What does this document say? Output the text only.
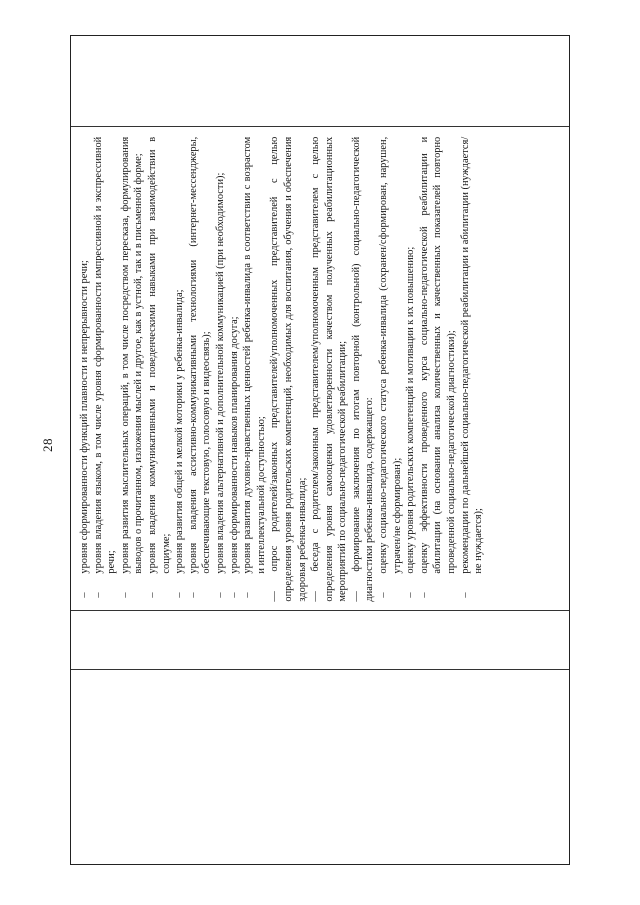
28
–
уровня сформированности функций плавности и непрерывности речи;
–
уровня владения языком, в том числе уровня сформированности импрессивной и экспрессивной речи;
–
уровня развития мыслительных операций, в том числе посредством пересказа, формулирования выводов о прочитанном, изложения мыслей и другое, как в устной, так и в письменной форме;
–
уровня владения коммуникативными и поведенческими навыками при взаимодействии в социуме;
–
уровня развития общей и мелкой моторики у ребенка-инвалида;
–
уровня владения ассистивно-коммуникативными технологиями (интернет-мессенджеры, обеспечивающие текстовую, голосовую и видеосвязь);
–
уровня владения альтернативной и дополнительной коммуникацией (при необходимости);
–
уровня сформированности навыков планирования досуга;
–
уровня развития духовно-нравственных ценностей ребенка-инвалида в соответствии с возрастом и интеллектуальной доступностью;
—опрос родителей/законных представителей/уполномоченных представителей с целью определения уровня родительских компетенций, необходимых для воспитания, обучения и обеспечения здоровья ребенка-инвалида; —беседа с родителем/законным представителем/уполномоченным представителем с целью определения уровня самооценки удовлетворенности качеством полученных реабилитационных мероприятий по социально-педагогической реабилитации; —формирование заключения по итогам повторной (контрольной) социально-педагогической диагностики ребенка-инвалида, содержащего: –
оценку социально-педагогического статуса ребенка-инвалида (сохранен/сформирован, нарушен, утрачен/не сформирован);
–
оценку уровня родительских компетенций и мотивации к их повышению;
–
оценку эффективности проведенного курса социально-педагогической реабилитации и абилитации (на основании анализа количественных и качественных показателей повторно проведенной социально-педагогической диагностики);
–
рекомендации по дальнейшей социально-педагогической реабилитации и абилитации (нуждается/не нуждается);
